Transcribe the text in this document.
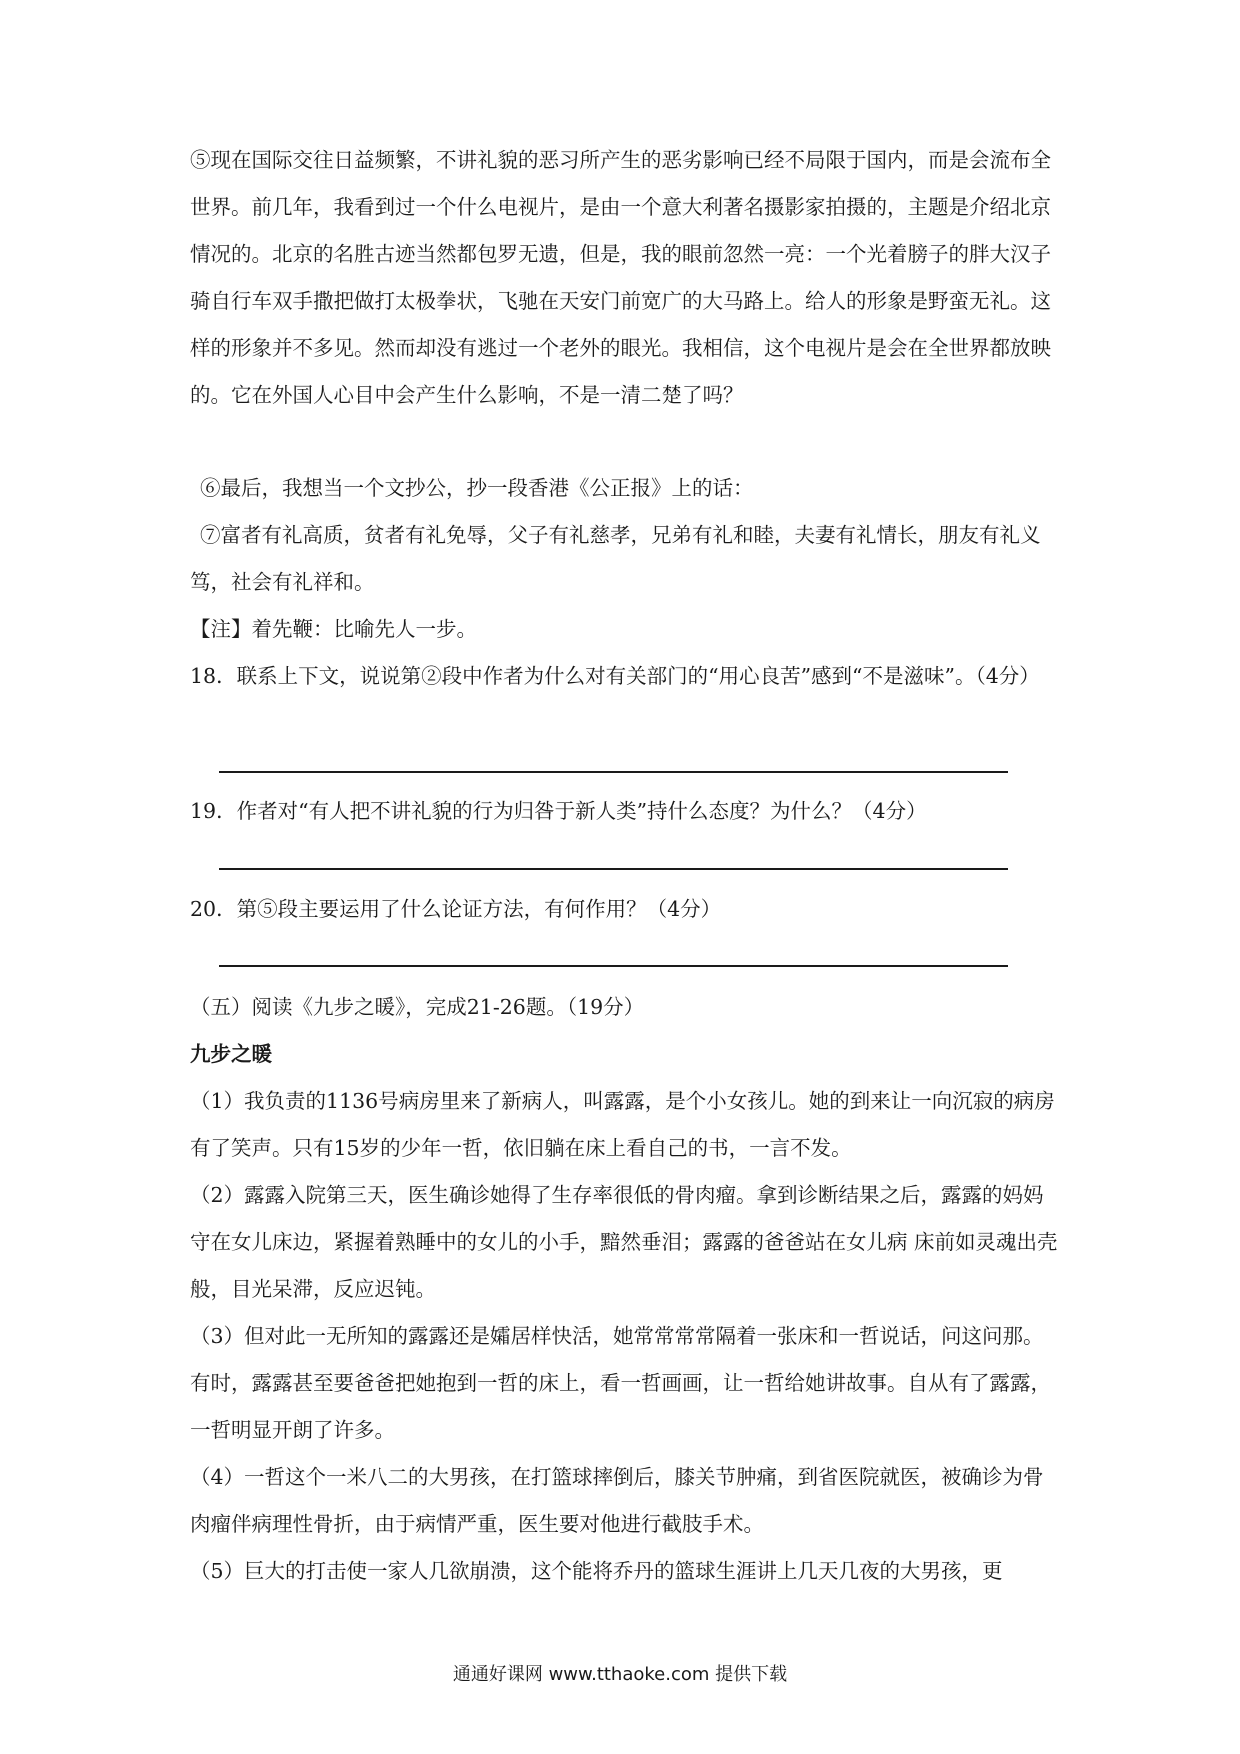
⑤现在国际交往日益频繁，不讲礼貌的恶习所产生的恶劣影响已经不局限于国内，而是会流布全世界。前几年，我看到过一个什么电视片，是由一个意大利著名摄影家拍摄的，主题是介绍北京情况的。北京的名胜古迹当然都包罗无遗，但是，我的眼前忽然一亮：一个光着膀子的胖大汉子骑自行车双手撒把做打太极拳状，飞驰在天安门前宽广的大马路上。给人的形象是野蛮无礼。这样的形象并不多见。然而却没有逃过一个老外的眼光。我相信，这个电视片是会在全世界都放映的。它在外国人心目中会产生什么影响，不是一清二楚了吗？

⑥最后，我想当一个文抄公，抄一段香港《公正报》上的话：

⑦富者有礼高质，贫者有礼免辱，父子有礼慈孝，兄弟有礼和睦，夫妻有礼情长，朋友有礼义笃，社会有礼祥和。

【注】着先鞭：比喻先人一步。

18．联系上下文，说说第②段中作者为什么对有关部门的“用心良苦”感到“不是滋味”。（4分）

19．作者对“有人把不讲礼貌的行为归咎于新人类”持什么态度？为什么？（4分）

20．第⑤段主要运用了什么论证方法，有何作用？（4分）

（五）阅读《九步之暖》，完成21-26题。（19分）

九步之暖

（1）我负责的1136号病房里来了新病人，叫露露，是个小女孩儿。她的到来让一向沉寂的病房有了笑声。只有15岁的少年一哲，依旧躺在床上看自己的书，一言不发。

（2）露露入院第三天，医生确诊她得了生存率很低的骨肉瘤。拿到诊断结果之后，露露的妈妈守在女儿床边，紧握着熟睡中的女儿的小手，黯然垂泪；露露的爸爸站在女儿病 床前如灵魂出壳般，目光呆滞，反应迟钝。

（3）但对此一无所知的露露还是孀居样快活，她常常常常隔着一张床和一哲说话，问这问那。有时，露露甚至要爸爸把她抱到一哲的床上，看一哲画画，让一哲给她讲故事。自从有了露露，一哲明显开朗了许多。

（4）一哲这个一米八二的大男孩，在打篮球摔倒后，膝关节肿痛，到省医院就医，被确诊为骨肉瘤伴病理性骨折，由于病情严重，医生要对他进行截肢手术。

（5）巨大的打击使一家人几欲崩溃，这个能将乔丹的篮球生涯讲上几天几夜的大男孩，更

通通好课网 www.tthaoke.com 提供下载
